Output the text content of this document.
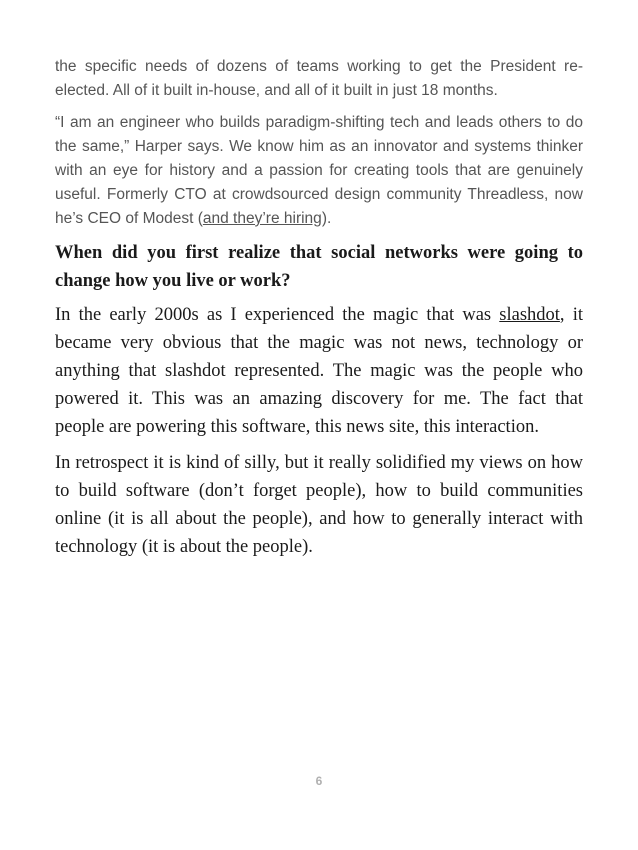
the specific needs of dozens of teams working to get the President re-elected. All of it built in-house, and all of it built in just 18 months.

“I am an engineer who builds paradigm-shifting tech and leads others to do the same,” Harper says. We know him as an innovator and systems thinker with an eye for history and a passion for creating tools that are genuinely useful. Formerly CTO at crowdsourced design community Threadless, now he’s CEO of Modest (and they’re hiring).

When did you first realize that social networks were going to change how you live or work?

In the early 2000s as I experienced the magic that was slashdot, it became very obvious that the magic was not news, technology or anything that slashdot represented. The magic was the people who powered it. This was an amazing discovery for me. The fact that people are powering this software, this news site, this interaction.

In retrospect it is kind of silly, but it really solidified my views on how to build software (don’t forget people), how to build communities online (it is all about the people), and how to generally interact with technology (it is about the people).

6
